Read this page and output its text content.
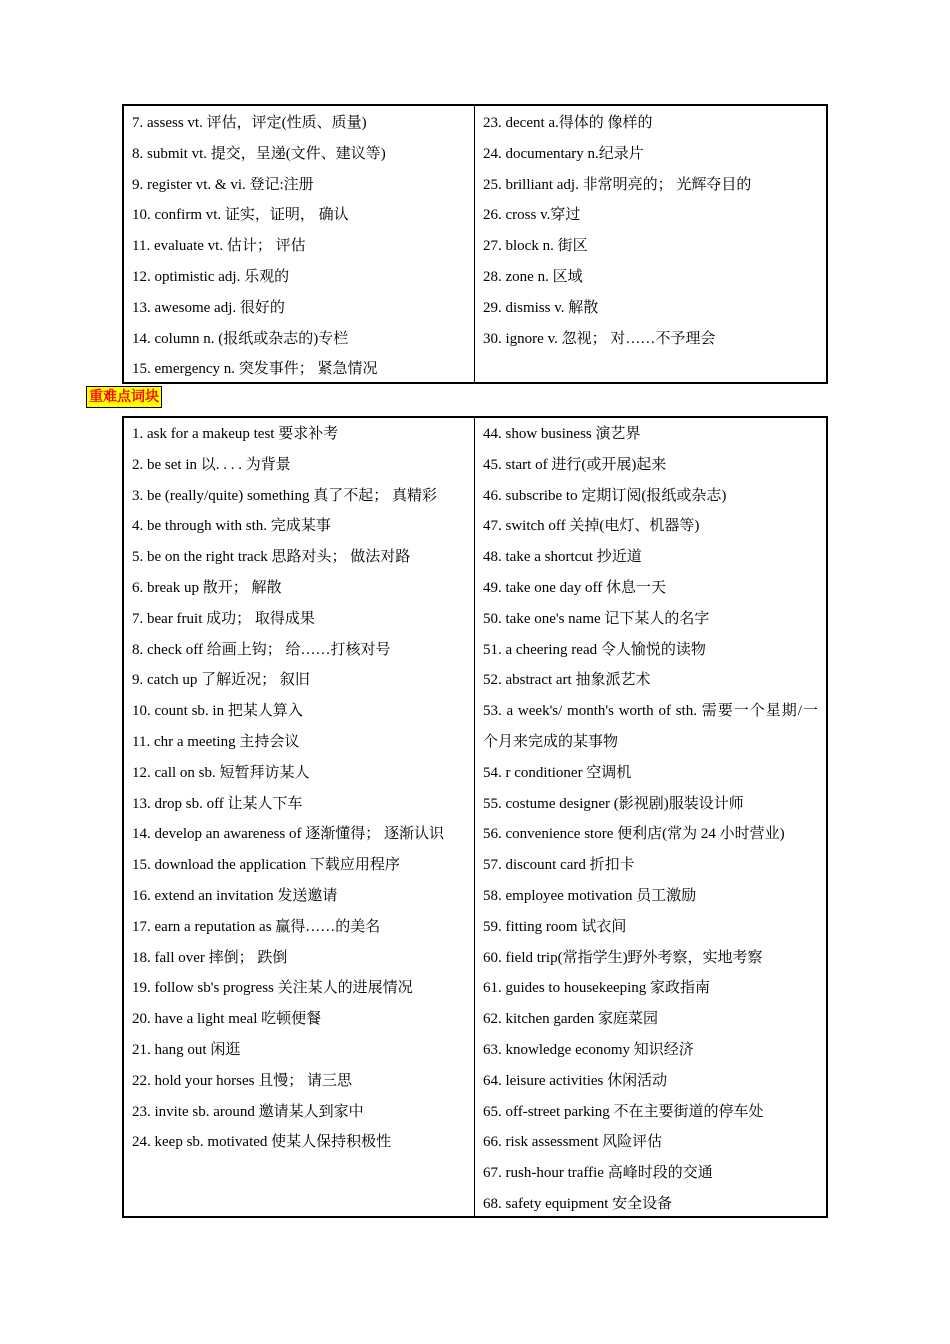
7. assess vt. 评估，评定(性质、质量)
8. submit vt. 提交，呈递(文件、建议等)
9. register vt. & vi. 登记:注册
10. confirm vt. 证实，证明， 确认
11. evaluate vt. 估计； 评估
12. optimistic adj. 乐观的
13. awesome adj. 很好的
14. column n. (报纸或杂志的)专栏
15. emergency n. 突发事件； 紧急情况
23. decent a.得体的 像样的
24. documentary n.纪录片
25. brilliant adj. 非常明亮的； 光辉夺目的
26. cross v.穿过
27. block n. 街区
28. zone n. 区域
29. dismiss v. 解散
30. ignore v. 忽视； 对……不予理会
重难点词块
1. ask for a makeup test 要求补考
2. be set in 以. . . . 为背景
3. be (really/quite) something 真了不起； 真精彩
4. be through with sth. 完成某事
5. be on the right track 思路对头； 做法对路
6. break up 散开； 解散
7. bear fruit 成功； 取得成果
8. check off 给画上钩； 给……打核对号
9. catch up 了解近况； 叙旧
10. count sb. in 把某人算入
11. chr a meeting 主持会议
12. call on sb. 短暂拜访某人
13. drop sb. off 让某人下车
14. develop an awareness of 逐渐懂得； 逐渐认识
15. download the application 下载应用程序
16. extend an invitation 发送邀请
17. earn a reputation as 赢得……的美名
18. fall over 摔倒； 跌倒
19. follow sb's progress 关注某人的进展情况
20. have a light meal 吃顿便餐
21. hang out 闲逛
22. hold your horses 且慢； 请三思
23. invite sb. around 邀请某人到家中
24. keep sb. motivated 使某人保持积极性
44. show business 演艺界
45. start of 进行(或开展)起来
46. subscribe to 定期订阅(报纸或杂志)
47. switch off 关掉(电灯、机器等)
48. take a shortcut 抄近道
49. take one day off 休息一天
50. take one's name 记下某人的名字
51. a cheering read 令人愉悦的读物
52. abstract art 抽象派艺术
53. a week's/ month's worth of sth. 需要一个星期/一个月来完成的某事物
54. r conditioner 空调机
55. costume designer (影视剧)服装设计师
56. convenience store 便利店(常为 24 小时营业)
57. discount card 折扣卡
58. employee motivation 员工激励
59. fitting room 试衣间
60. field trip(常指学生)野外考察，实地考察
61. guides to housekeeping 家政指南
62. kitchen garden 家庭菜园
63. knowledge economy 知识经济
64. leisure activities 休闲活动
65. off-street parking 不在主要街道的停车处
66. risk assessment 风险评估
67. rush-hour traffie 高峰时段的交通
68. safety equipment 安全设备
